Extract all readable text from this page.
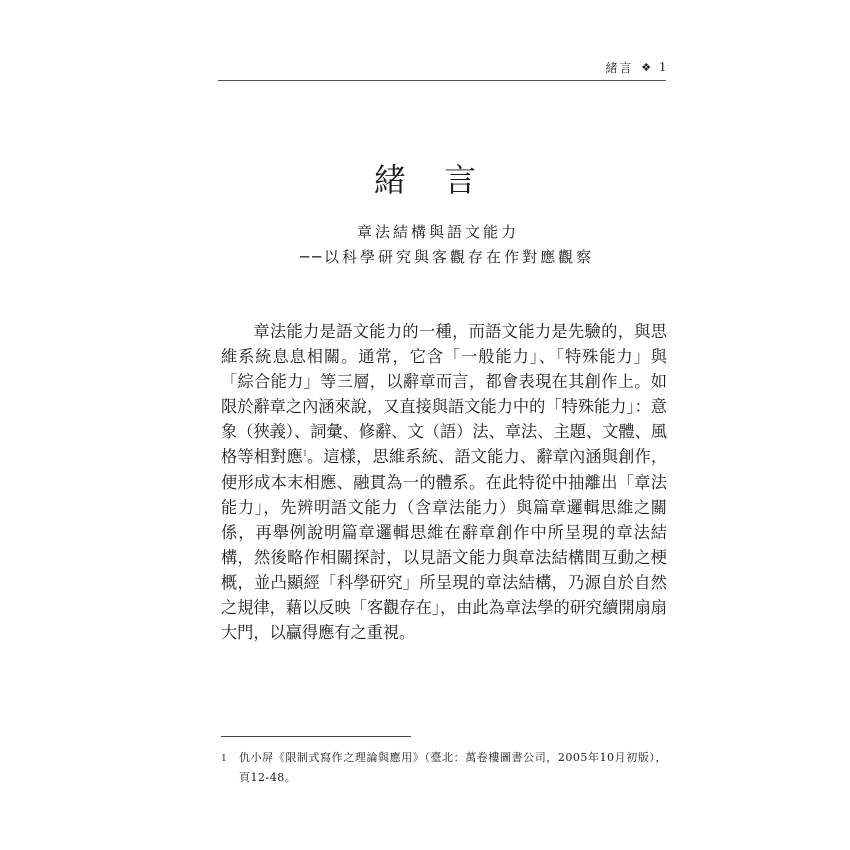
緒言 ❖ 1
緒 言
章法結構與語文能力
──以科學研究與客觀存在作對應觀察

章法能力是語文能力的一種，而語文能力是先驗的，與思維系統息息相關。通常，它含「一般能力」、「特殊能力」與「綜合能力」等三層，以辭章而言，都會表現在其創作上。如限於辭章之內涵來說，又直接與語文能力中的「特殊能力」：意象（狹義）、詞彙、修辭、文（語）法、章法、主題、文體、風格等相對應$^1$。這樣，思維系統、語文能力、辭章內涵與創作，便形成本末相應、融貫為一的體系。在此特從中抽離出「章法能力」，先辨明語文能力（含章法能力）與篇章邏輯思維之關係，再舉例說明篇章邏輯思維在辭章創作中所呈現的章法結構，然後略作相關探討，以見語文能力與章法結構間互動之梗概，並凸顯經「科學研究」所呈現的章法結構，乃源自於自然之規律，藉以反映「客觀存在」，由此為章法學的研究續開扇扇大門，以贏得應有之重視。

1	仇小屏《限制式寫作之理論與應用》（臺北：萬卷樓圖書公司，2005年10月初版），頁12-48。
